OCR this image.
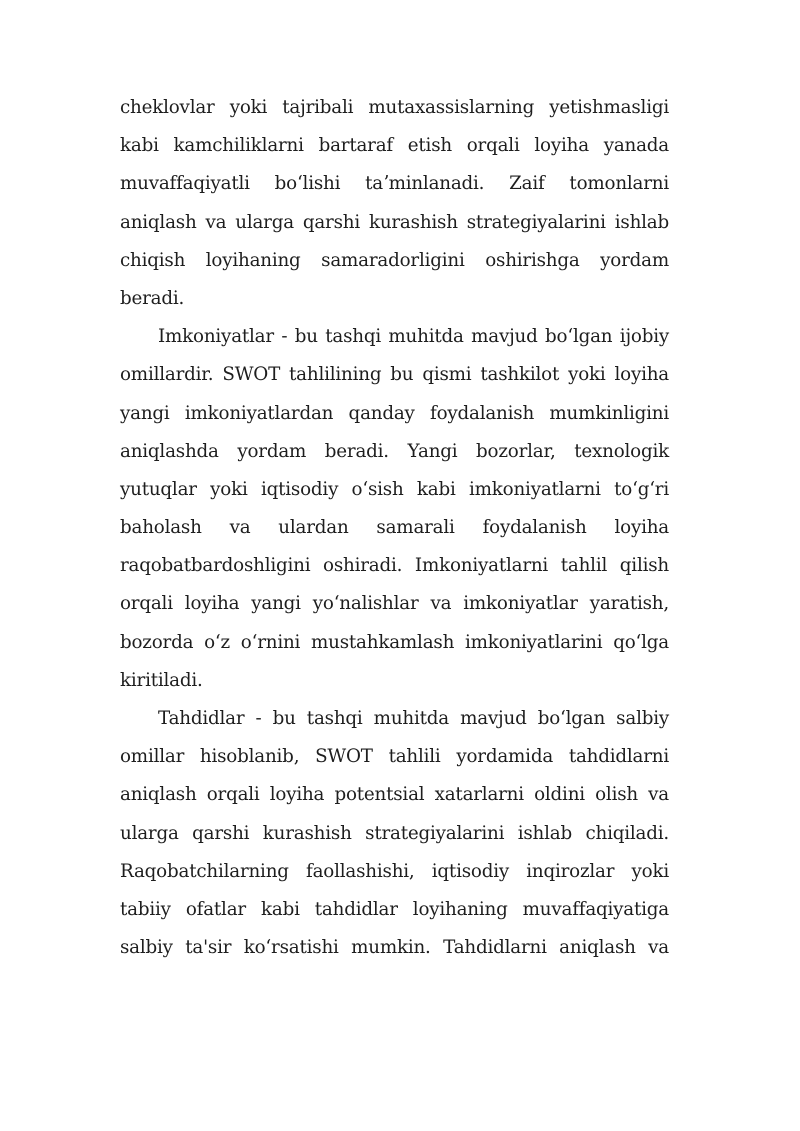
cheklovlar yoki tajribali mutaxassislarning yetishmasligi
kabi kamchiliklarni bartaraf etish orqali loyiha yanada
muvaffaqiyatli boʻlishi taʼminlanadi. Zaif tomonlarni
aniqlash va ularga qarshi kurashish strategiyalarini ishlab
chiqish loyihaning samaradorligini oshirishga yordam
beradi.
Imkoniyatlar - bu tashqi muhitda mavjud boʻlgan ijobiy
omillardir. SWOT tahlilining bu qismi tashkilot yoki loyiha
yangi imkoniyatlardan qanday foydalanish mumkinligini
aniqlashda yordam beradi. Yangi bozorlar, texnologik
yutuqlar yoki iqtisodiy oʻsish kabi imkoniyatlarni toʻgʻri
baholash va ulardan samarali foydalanish loyiha
raqobatbardoshligini oshiradi. Imkoniyatlarni tahlil qilish
orqali loyiha yangi yoʻnalishlar va imkoniyatlar yaratish,
bozorda oʻz oʻrnini mustahkamlash imkoniyatlarini qoʻlga
kiritiladi.
Tahdidlar - bu tashqi muhitda mavjud boʻlgan salbiy
omillar hisoblanib, SWOT tahlili yordamida tahdidlarni
aniqlash orqali loyiha potentsial xatarlarni oldini olish va
ularga qarshi kurashish strategiyalarini ishlab chiqiladi.
Raqobatchilarning faollashishi, iqtisodiy inqirozlar yoki
tabiiy ofatlar kabi tahdidlar loyihaning muvaffaqiyatiga
salbiy ta'sir koʻrsatishi mumkin. Tahdidlarni aniqlash va
